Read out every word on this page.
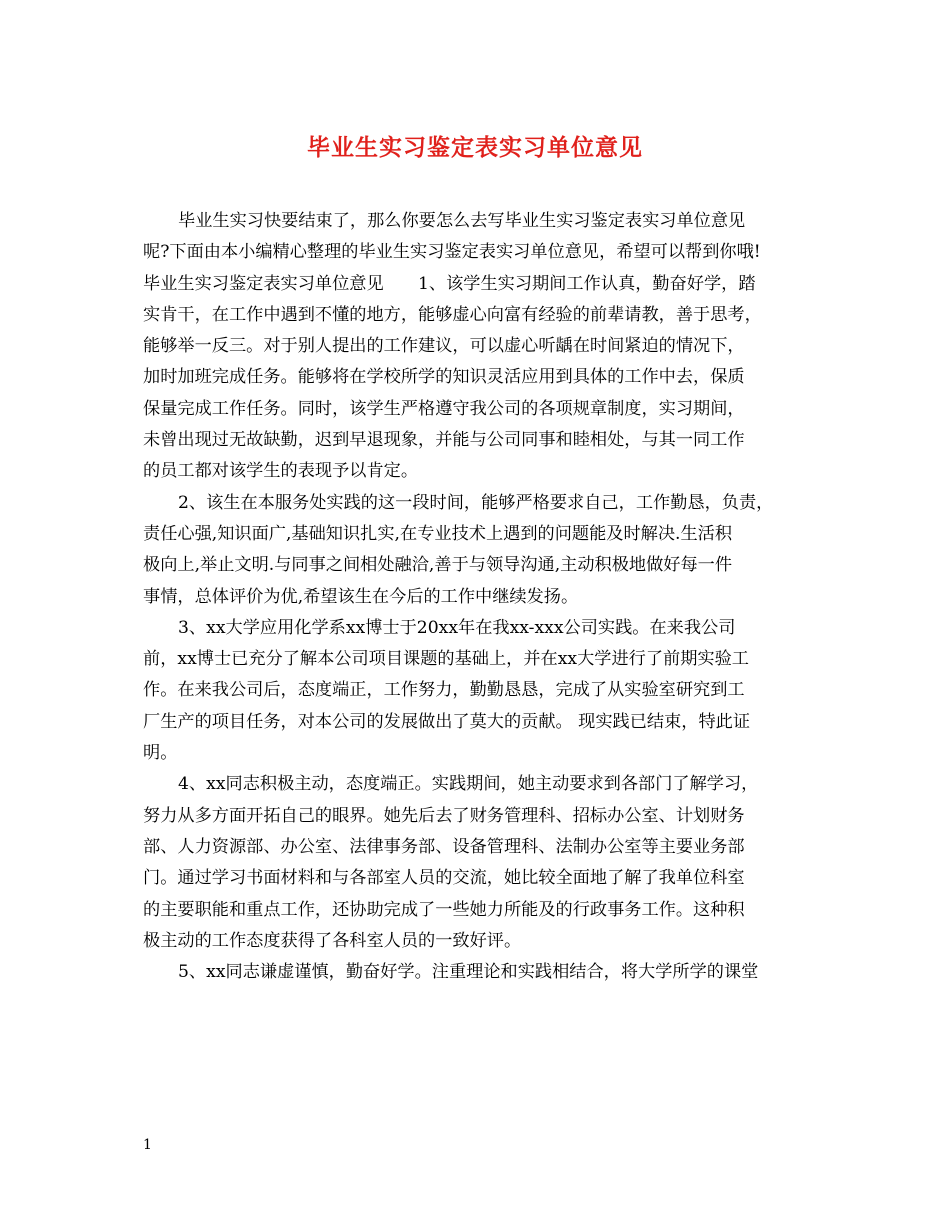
毕业生实习鉴定表实习单位意见
毕业生实习快要结束了，那么你要怎么去写毕业生实习鉴定表实习单位意见
呢?下面由本小编精心整理的毕业生实习鉴定表实习单位意见，希望可以帮到你哦!
毕业生实习鉴定表实习单位意见　　1、该学生实习期间工作认真，勤奋好学，踏
实肯干，在工作中遇到不懂的地方，能够虚心向富有经验的前辈请教，善于思考，
能够举一反三。对于别人提出的工作建议，可以虚心听龋在时间紧迫的情况下，
加时加班完成任务。能够将在学校所学的知识灵活应用到具体的工作中去，保质
保量完成工作任务。同时，该学生严格遵守我公司的各项规章制度，实习期间，
未曾出现过无故缺勤，迟到早退现象，并能与公司同事和睦相处，与其一同工作
的员工都对该学生的表现予以肯定。
2、该生在本服务处实践的这一段时间，能够严格要求自己，工作勤恳，负责，
责任心强,知识面广,基础知识扎实,在专业技术上遇到的问题能及时解决.生活积
极向上,举止文明.与同事之间相处融洽,善于与领导沟通,主动积极地做好每一件
事情，总体评价为优,希望该生在今后的工作中继续发扬。
3、xx大学应用化学系xx博士于20xx年在我xx-xxx公司实践。在来我公司
前，xx博士已充分了解本公司项目课题的基础上，并在xx大学进行了前期实验工
作。在来我公司后，态度端正，工作努力，勤勤恳恳，完成了从实验室研究到工
厂生产的项目任务，对本公司的发展做出了莫大的贡献。 现实践已结束，特此证
明。
4、xx同志积极主动，态度端正。实践期间，她主动要求到各部门了解学习，
努力从多方面开拓自己的眼界。她先后去了财务管理科、招标办公室、计划财务
部、人力资源部、办公室、法律事务部、设备管理科、法制办公室等主要业务部
门。通过学习书面材料和与各部室人员的交流，她比较全面地了解了我单位科室
的主要职能和重点工作，还协助完成了一些她力所能及的行政事务工作。这种积
极主动的工作态度获得了各科室人员的一致好评。
5、xx同志谦虚谨慎，勤奋好学。注重理论和实践相结合，将大学所学的课堂
1
